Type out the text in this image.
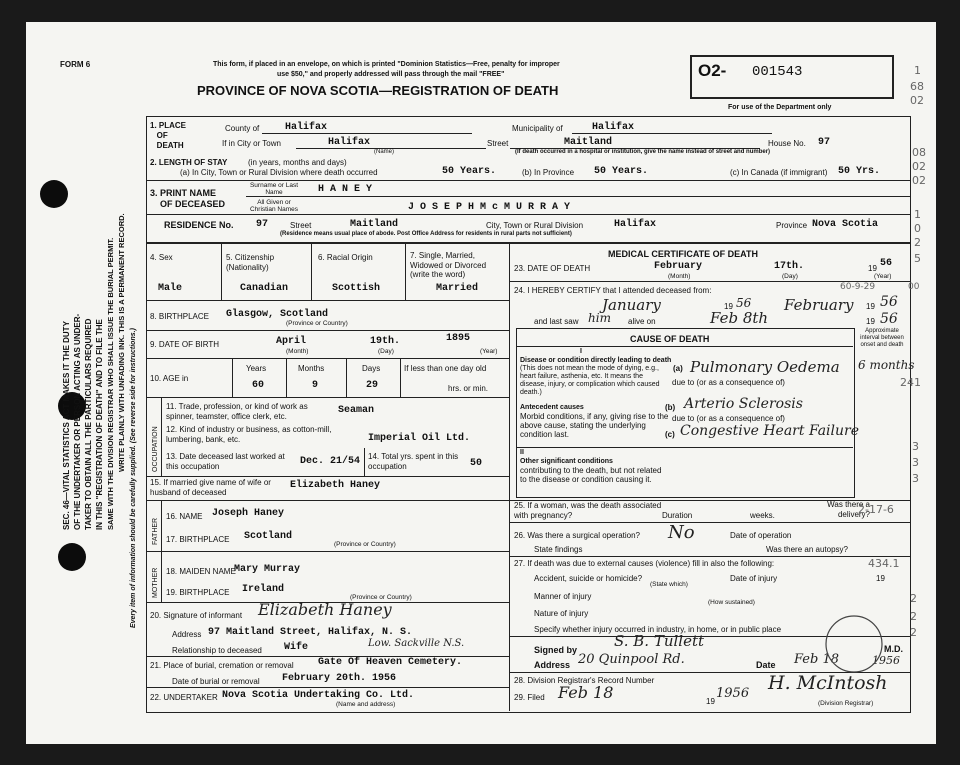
SEC. 46—VITAL STATISTICS ACT MAKES IT THE DUTY OF THE UNDERTAKER OR PERSON ACTING AS UNDER- TAKER TO OBTAIN ALL THE PARTICULARS REQUIRED IN THIS "REGISTRATION OF DEATH" AND TO FILE THE SAME WITH THE DIVISION REGISTRAR WHO SHALL ISSUE THE BURIAL PERMIT. WRITE PLAINLY WITH UNFADING INK. THIS IS A PERMANENT RECORD. Every item of information should be carefully supplied. (See reverse side for instructions.)
FORM 6	This form, if placed in an envelope, on which is printed "Dominion Statistics—Free, penalty for improper
use $50," and properly addressed will pass through the mail "FREE"
PROVINCE OF NOVA SCOTIA—REGISTRATION OF DEATH
O2- 001543
For use of the Department only
1. PLACE
OF
DEATH
County of	Halifax	Municipality of	Halifax
If in City or Town	Halifax
(Name)
Street	Maitland	House No. 97
(If death occurred in a hospital or institution, give the name instead of street and number)
2. LENGTH OF STAY	(in years, months and days)
(a) In City, Town or Rural Division where death occurred	50 Years.	(b) In Province 50 Years.	(c) In Canada (if immigrant) 50 Yrs.
3. PRINT NAME
OF DECEASED
Surname or Last Name	H A N E Y
All Given or Christian Names	J O S E P H M c M U R R A Y
RESIDENCE No. 97	Street	Maitland	City, Town or Rural Division	Halifax	Province Nova Scotia
(Residence means usual place of abode. Post Office Address for residents in rural parts not sufficient)
4. Sex
Male
5. Citizenship (Nationality)
Canadian
6. Racial Origin
Scottish
7. Single, Married, Widowed or Divorced (write the word)
Married
8. BIRTHPLACE Glasgow, Scotland
(Province or Country)
9. DATE OF BIRTH	April	19th.	1895
(Month)	(Day)	(Year)
10. AGE in
Years	Months	Days
60	9	29
If less than one day old
hrs. or min.
OCCUPATION
11. Trade, profession, or kind of work as spinner, teamster, office clerk, etc.
Seaman
12. Kind of industry or business, as cotton-mill, lumbering, bank, etc.	Imperial Oil Ltd.
13. Date deceased last worked at this occupation	Dec. 21/54 14. Total yrs. spent in this occupation	50
15. If married give name of wife or husband of deceased
Elizabeth Haney
FATHER
16. NAME Joseph Haney
17. BIRTHPLACE Scotland
(Province or Country)
MOTHER 18. MAIDEN NAME
Mary Murray
19. BIRTHPLACE Ireland
(Province or Country)
20. Signature of informant Elizabeth Haney
Address 97 Maitland Street, Halifax, N. S.
Relationship to deceased Wife	Low. Sackville N.S.
21. Place of burial, cremation or removal Gate Of Heaven Cemetery.
Date of burial or removal February 20th. 1956
22. UNDERTAKER Nova Scotia Undertaking Co. Ltd.
(Name and address)
MEDICAL CERTIFICATE OF DEATH
23. DATE OF DEATH	February	17th.	19 56
(Month)	(Day)	(Year)
24. I HEREBY CERTIFY that I attended deceased from:
January	19 56 February 19 56
and last saw him alive on	Feb 8th	19 56
CAUSE OF DEATH
Approximate interval between onset and death
I
Disease or condition directly leading to death
(This does not mean the mode of dying, e.g., heart failure, asthenia, etc. It means the disease, injury, or complication which caused death.)
(a) Pulmonary Oedema 6 months
due to (or as a consequence of)
Antecedent causes
Morbid conditions, if any, giving rise to the above cause, stating the underlying condition last.
(b) Arterio Sclerosis
due to (or as a consequence of)
(c) Congestive Heart Failure
II
Other significant conditions
contributing to the death, but not related to the disease or condition causing it.
25. If a woman, was the death associated with pregnancy?	Duration	weeks.
Was there a delivery?
26. Was there a surgical operation? No	Date of operation
State findings	Was there an autopsy?
27. If death was due to external causes (violence) fill in also the following:
Accident, suicide or homicide?
(State which)
Date of injury	19
Manner of injury
(How sustained)
Nature of injury
Specify whether injury occurred in industry, in home, or in public place
Signed by S. B. Tullett	M.D.
Address 20 Quinpool Rd.	Date Feb 18	1956
28. Division Registrar's Record Number
29. Filed Feb 18	19
1956 H. McIntosh
(Division Registrar)
1
68
02
08
02
02
1
0
2
5
60-9-29	00
241
3
3
3
2-17-6
434.1
2
2
2
